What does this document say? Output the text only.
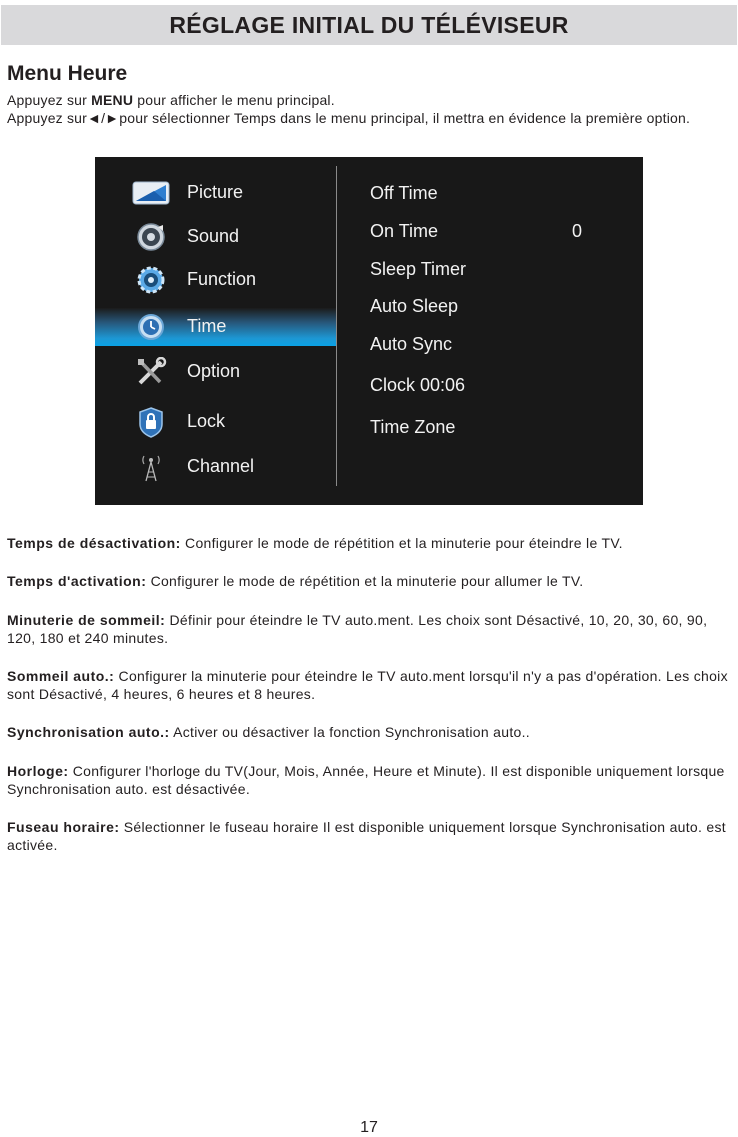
RÉGLAGE INITIAL DU TÉLÉVISEUR
Menu Heure

Appuyez sur MENU pour afficher le menu principal.

Appuyez sur◄/►pour sélectionner Temps dans le menu principal, il mettra en évidence la première option.

Picture
Sound
Function
Time
Option
Lock
Channel
Off Time
On Time	0
Sleep Timer
Auto Sleep
Auto Sync
Clock 00:06
Time Zone

Temps de désactivation: Configurer le mode de répétition et la minuterie pour éteindre le TV.

Temps d'activation: Configurer le mode de répétition et la minuterie pour allumer le TV.

Minuterie de sommeil: Définir pour éteindre le TV auto.ment. Les choix sont Désactivé, 10, 20, 30, 60, 90, 120, 180 et 240 minutes.

Sommeil auto.: Configurer la minuterie pour éteindre le TV auto.ment lorsqu'il n'y a pas d'opération. Les choix sont Désactivé, 4 heures, 6 heures et 8 heures.

Synchronisation auto.: Activer ou désactiver la fonction Synchronisation auto..

Horloge: Configurer l'horloge du TV(Jour, Mois, Année, Heure et Minute). Il est disponible uniquement lorsque Synchronisation auto. est désactivée.

Fuseau horaire: Sélectionner le fuseau horaire Il est disponible uniquement lorsque Synchronisation auto. est activée.

17
